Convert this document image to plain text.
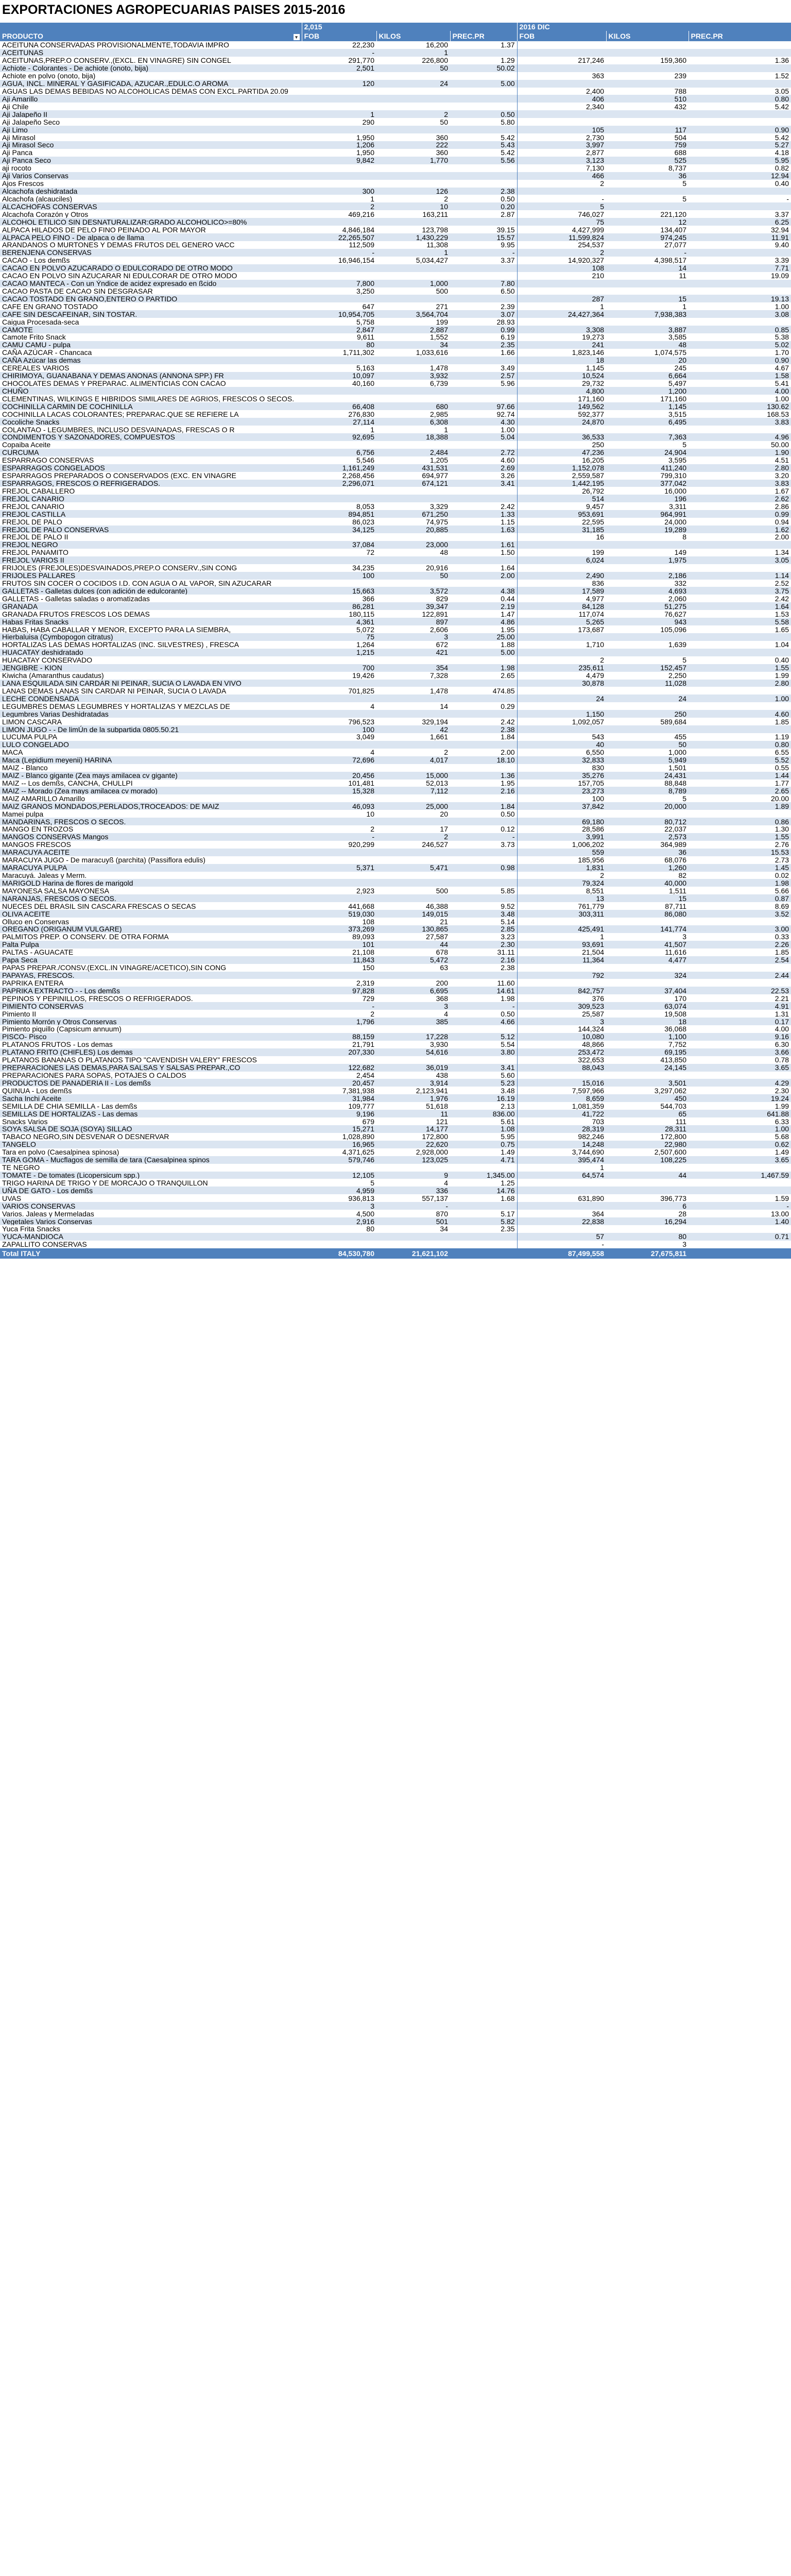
EXPORTACIONES AGROPECUARIAS PAISES 2015-2016
	2,015			2016 DIC		
PRODUCTO ▾	FOB	KILOS	PREC.PR	FOB	KILOS	PREC.PR
ACEITUNA CONSERVADAS PROVISIONALMENTE,TODAVIA IMPRO	22,230	16,200	1.37			
ACEITUNAS	-	1				
ACEITUNAS,PREP.O CONSERV.,(EXCL. EN VINAGRE) SIN CONGEL	291,770	226,800	1.29	217,246	159,360	1.36
Achiote - Colorantes - De achiote (onoto, bija)	2,501	50	50.02			
Achiote en polvo (onoto, bija)				363	239	1.52
AGUA, INCL. MINERAL Y GASIFICADA, AZUCAR.,EDULC.O AROMA	120	24	5.00			
AGUAS LAS DEMAS BEBIDAS NO ALCOHOLICAS DEMAS CON EXCL.PARTIDA 20.09				2,400	788	3.05
Aji Amarillo				406	510	0.80
Aji Chile				2,340	432	5.42
Aji Jalapeño II	1	2	0.50			
Aji Jalapeño Seco	290	50	5.80			
Aji Limo				105	117	0.90
Aji Mirasol	1,950	360	5.42	2,730	504	5.42
Aji Mirasol Seco	1,206	222	5.43	3,997	759	5.27
Aji Panca	1,950	360	5.42	2,877	688	4.18
Aji Panca Seco	9,842	1,770	5.56	3,123	525	5.95
aji rocoto				7,130	8,737	0.82
Aji Varios Conservas				466	36	12.94
Ajos Frescos				2	5	0.40
Alcachofa deshidratada	300	126	2.38			
Alcachofa (alcauciles)	1	2	0.50	-	5	-
ALCACHOFAS CONSERVAS	2	10	0.20	5		
Alcachofa Corazón y Otros	469,216	163,211	2.87	746,027	221,120	3.37
ALCOHOL ETILICO SIN DESNATURALIZAR:GRADO ALCOHOLICO>=80%				75	12	6.25
ALPACA HILADOS DE PELO FINO PEINADO AL POR MAYOR	4,846,184	123,798	39.15	4,427,999	134,407	32.94
ALPACA PELO FINO - De alpaca o de llama	22,265,507	1,430,229	15.57	11,599,824	974,245	11.91
ARANDANOS O MURTONES Y DEMAS FRUTOS DEL GENERO VACC	112,509	11,308	9.95	254,537	27,077	9.40
BERENJENA CONSERVAS	-	1	-	2	-	
CACAO - Los demßs	16,946,154	5,034,427	3.37	14,920,327	4,398,517	3.39
CACAO EN POLVO AZUCARADO O EDULCORADO DE OTRO MODO				108	14	7.71
CACAO EN POLVO SIN AZUCARAR NI EDULCORAR DE OTRO MODO				210	11	19.09
CACAO MANTECA - Con un Ýndice de acidez expresado en ßcido	7,800	1,000	7.80			
CACAO PASTA DE CACAO SIN DESGRASAR	3,250	500	6.50			
CACAO TOSTADO EN GRANO,ENTERO O PARTIDO				287	15	19.13
CAFE EN GRANO TOSTADO	647	271	2.39	1	1	1.00
CAFE SIN DESCAFEINAR, SIN TOSTAR.	10,954,705	3,564,704	3.07	24,427,364	7,938,383	3.08
Caigua Procesada-seca	5,758	199	28.93			
CAMOTE	2,847	2,887	0.99	3,308	3,887	0.85
Camote Frito Snack	9,611	1,552	6.19	19,273	3,585	5.38
CAMU CAMU - pulpa	80	34	2.35	241	48	5.02
CAÑA AZÚCAR - Chancaca	1,711,302	1,033,616	1.66	1,823,146	1,074,575	1.70
CAÑA Azúcar las demas				18	20	0.90
CEREALES VARIOS	5,163	1,478	3.49	1,145	245	4.67
CHIRIMOYA, GUANABANA Y DEMAS ANONAS (ANNONA SPP.) FR	10,097	3,932	2.57	10,524	6,664	1.58
CHOCOLATES DEMAS Y PREPARAC. ALIMENTICIAS CON CACAO	40,160	6,739	5.96	29,732	5,497	5.41
CHUÑO				4,800	1,200	4.00
CLEMENTINAS, WILKINGS E HIBRIDOS SIMILARES DE AGRIOS, FRESCOS O SECOS.				171,160	171,160	1.00
COCHINILLA CARMIN DE COCHINILLA	66,408	680	97.66	149,562	1,145	130.62
COCHINILLA LACAS COLORANTES; PREPARAC.QUE SE REFIERE LA	276,830	2,985	92.74	592,377	3,515	168.53
Cocoliche Snacks	27,114	6,308	4.30	24,870	6,495	3.83
COLANTAO - LEGUMBRES, INCLUSO DESVAINADAS, FRESCAS O R	1	1	1.00			
CONDIMENTOS Y SAZONADORES, COMPUESTOS	92,695	18,388	5.04	36,533	7,363	4.96
Copaiba Aceite				250	5	50.00
CURCUMA	6,756	2,484	2.72	47,236	24,904	1.90
ESPARRAGO CONSERVAS	5,546	1,205	4.60	16,205	3,595	4.51
ESPARRAGOS CONGELADOS	1,161,249	431,531	2.69	1,152,078	411,240	2.80
ESPARRAGOS PREPARADOS O CONSERVADOS (EXC. EN VINAGRE	2,268,456	694,977	3.26	2,559,587	799,310	3.20
ESPARRAGOS, FRESCOS O REFRIGERADOS.	2,296,071	674,121	3.41	1,442,195	377,042	3.83
FREJOL CABALLERO				26,792	16,000	1.67
FREJOL CANARIO				514	196	2.62
FREJOL CANARIO	8,053	3,329	2.42	9,457	3,311	2.86
FREJOL CASTILLA	894,851	671,250	1.33	953,691	964,991	0.99
FREJOL DE PALO	86,023	74,975	1.15	22,595	24,000	0.94
FREJOL DE PALO CONSERVAS	34,125	20,885	1.63	31,185	19,289	1.62
FREJOL DE PALO II				16	8	2.00
FREJOL NEGRO	37,084	23,000	1.61			
FREJOL PANAMITO	72	48	1.50	199	149	1.34
FREJOL VARIOS II				6,024	1,975	3.05
FRIJOLES (FREJOLES)DESVAINADOS,PREP.O CONSERV.,SIN CONG	34,235	20,916	1.64			
FRIJOLES PALLARES	100	50	2.00	2,490	2,186	1.14
FRUTOS SIN COCER O COCIDOS I.D. CON AGUA O AL VAPOR, SIN AZUCARAR				836	332	2.52
GALLETAS - Galletas dulces (con adición de edulcorante)	15,663	3,572	4.38	17,589	4,693	3.75
GALLETAS - Galletas saladas o aromatizadas	366	829	0.44	4,977	2,060	2.42
GRANADA	86,281	39,347	2.19	84,128	51,275	1.64
GRANADA FRUTOS FRESCOS LOS DEMAS	180,115	122,891	1.47	117,074	76,627	1.53
Habas Fritas Snacks	4,361	897	4.86	5,265	943	5.58
HABAS, HABA CABALLAR Y MENOR, EXCEPTO PARA LA SIEMBRA,	5,072	2,606	1.95	173,687	105,096	1.65
Hierbaluisa (Cymbopogon citratus)	75	3	25.00			
HORTALIZAS LAS DEMAS HORTALIZAS (INC. SILVESTRES) , FRESCA	1,264	672	1.88	1,710	1,639	1.04
HUACATAY deshidratado	1,215	421	5.00			
HUACATAY CONSERVADO				2	5	0.40
JENGIBRE - KION	700	354	1.98	235,611	152,457	1.55
Kiwicha (Amaranthus caudatus)	19,426	7,328	2.65	4,479	2,250	1.99
LANA ESQUILADA SIN CARDAR NI PEINAR, SUCIA O LAVADA EN VIVO				30,878	11,028	2.80
LANAS DEMAS LANAS SIN CARDAR NI PEINAR, SUCIA O LAVADA	701,825	1,478	474.85			
LECHE CONDENSADA				24	24	1.00
LEGUMBRES DEMAS LEGUMBRES Y HORTALIZAS Y MEZCLAS DE	4	14	0.29			
Legumbres Varias Deshidratadas				1,150	250	4.60
LIMON CASCARA	796,523	329,194	2.42	1,092,057	589,684	1.85
LIMON JUGO - - De limÚn de la subpartida 0805.50.21	100	42	2.38			
LUCUMA PULPA	3,049	1,661	1.84	543	455	1.19
LULO CONGELADO				40	50	0.80
MACA	4	2	2.00	6,550	1,000	6.55
Maca (Lepidium meyenii) HARINA	72,696	4,017	18.10	32,833	5,949	5.52
MAIZ - Blanco				830	1,501	0.55
MAIZ - Blanco gigante (Zea mays amilacea cv gigante)	20,456	15,000	1.36	35,276	24,431	1.44
MAIZ -- Los demßs, CANCHA, CHULLPI	101,481	52,013	1.95	157,705	88,848	1.77
MAIZ -- Morado (Zea mays amilacea cv morado)	15,328	7,112	2.16	23,273	8,789	2.65
MAIZ AMARILLO Amarillo				100	5	20.00
MAIZ GRANOS MONDADOS,PERLADOS,TROCEADOS: DE MAIZ	46,093	25,000	1.84	37,842	20,000	1.89
Mamei pulpa	10	20	0.50			
MANDARINAS, FRESCOS O SECOS.				69,180	80,712	0.86
MANGO EN TROZOS	2	17	0.12	28,586	22,037	1.30
MANGOS CONSERVAS Mangos	-	2	-	3,991	2,573	1.55
MANGOS FRESCOS	920,299	246,527	3.73	1,006,202	364,989	2.76
MARACUYA ACEITE				559	36	15.53
MARACUYA JUGO - De maracuyß (parchita) (Passiflora edulis)				185,956	68,076	2.73
MARACUYA PULPA	5,371	5,471	0.98	1,831	1,260	1.45
Maracuyá. Jaleas y Merm.				2	82	0.02
MARIGOLD Harina de flores de marigold				79,324	40,000	1.98
MAYONESA SALSA MAYONESA	2,923	500	5.85	8,551	1,511	5.66
NARANJAS, FRESCOS O SECOS.				13	15	0.87
NUECES DEL BRASIL SIN CASCARA FRESCAS O SECAS	441,668	46,388	9.52	761,779	87,711	8.69
OLIVA ACEITE	519,030	149,015	3.48	303,311	86,080	3.52
Olluco en Conservas	108	21	5.14			
OREGANO (ORIGANUM VULGARE)	373,269	130,865	2.85	425,491	141,774	3.00
PALMITOS PREP. O CONSERV. DE OTRA FORMA	89,093	27,587	3.23	1	3	0.33
Palta Pulpa	101	44	2.30	93,691	41,507	2.26
PALTAS - AGUACATE	21,108	678	31.11	21,504	11,616	1.85
Papa Seca	11,843	5,472	2.16	11,364	4,477	2.54
PAPAS PREPAR./CONSV.(EXCL.IN VINAGRE/ACETICO),SIN CONG	150	63	2.38			
PAPAYAS, FRESCOS.				792	324	2.44
PAPRIKA ENTERA	2,319	200	11.60			
PAPRIKA EXTRACTO - - Los demßs	97,828	6,695	14.61	842,757	37,404	22.53
PEPINOS Y PEPINILLOS, FRESCOS O REFRIGERADOS.	729	368	1.98	376	170	2.21
PIMIENTO CONSERVAS	-	3	-	309,523	63,074	4.91
Pimiento II	2	4	0.50	25,587	19,508	1.31
Pimiento Morrón y Otros Conservas	1,796	385	4.66	3	18	0.17
Pimiento piquillo (Capsicum annuum)				144,324	36,068	4.00
PISCO- Pisco	88,159	17,228	5.12	10,080	1,100	9.16
PLATANOS FRUTOS - Los demas	21,791	3,930	5.54	48,866	7,752	6.30
PLATANO FRITO (CHIFLES) Los demas	207,330	54,616	3.80	253,472	69,195	3.66
PLATANOS BANANAS O PLATANOS TIPO "CAVENDISH VALERY" FRESCOS				322,653	413,850	0.78
PREPARACIONES LAS DEMAS,PARA SALSAS Y SALSAS PREPAR.,CO	122,682	36,019	3.41	88,043	24,145	3.65
PREPARACIONES PARA SOPAS, POTAJES O CALDOS	2,454	438	5.60			
PRODUCTOS DE PANADERIA II - Los demßs	20,457	3,914	5.23	15,016	3,501	4.29
QUINUA - Los demßs	7,381,938	2,123,941	3.48	7,597,966	3,297,062	2.30
Sacha Inchi Aceite	31,984	1,976	16.19	8,659	450	19.24
SEMILLA DE CHIA SEMILLA - Las demßs	109,777	51,618	2.13	1,081,359	544,703	1.99
SEMILLAS DE HORTALIZAS - Las demas	9,196	11	836.00	41,722	65	641.88
Snacks Varios	679	121	5.61	703	111	6.33
SOYA SALSA DE SOJA (SOYA) SILLAO	15,271	14,177	1.08	28,319	28,311	1.00
TABACO NEGRO,SIN DESVENAR O DESNERVAR	1,028,890	172,800	5.95	982,246	172,800	5.68
TANGELO	16,965	22,620	0.75	14,248	22,980	0.62
Tara en polvo (Caesalpinea spinosa)	4,371,625	2,928,000	1.49	3,744,690	2,507,600	1.49
TARA GOMA - Mucflagos de semilla de tara (Caesalpinea spinos	579,746	123,025	4.71	395,474	108,225	3.65
TE NEGRO				1		
TOMATE - De tomates (Licopersicum spp.)	12,105	9	1,345.00	64,574	44	1,467.59
TRIGO HARINA DE TRIGO Y DE MORCAJO O TRANQUILLON	5	4	1.25			
UÑA DE GATO - Los demßs	4,959	336	14.76			
UVAS	936,813	557,137	1.68	631,890	396,773	1.59
VARIOS CONSERVAS	3	-			6	-
Varios. Jaleas y Mermeladas	4,500	870	5.17	364	28	13.00
Vegetales Varios Conservas	2,916	501	5.82	22,838	16,294	1.40
Yuca Frita Snacks	80	34	2.35			
YUCA-MANDIOCA				57	80	0.71
ZAPALLITO CONSERVAS				-	3	
Total ITALY	84,530,780	21,621,102		87,499,558	27,675,811	
